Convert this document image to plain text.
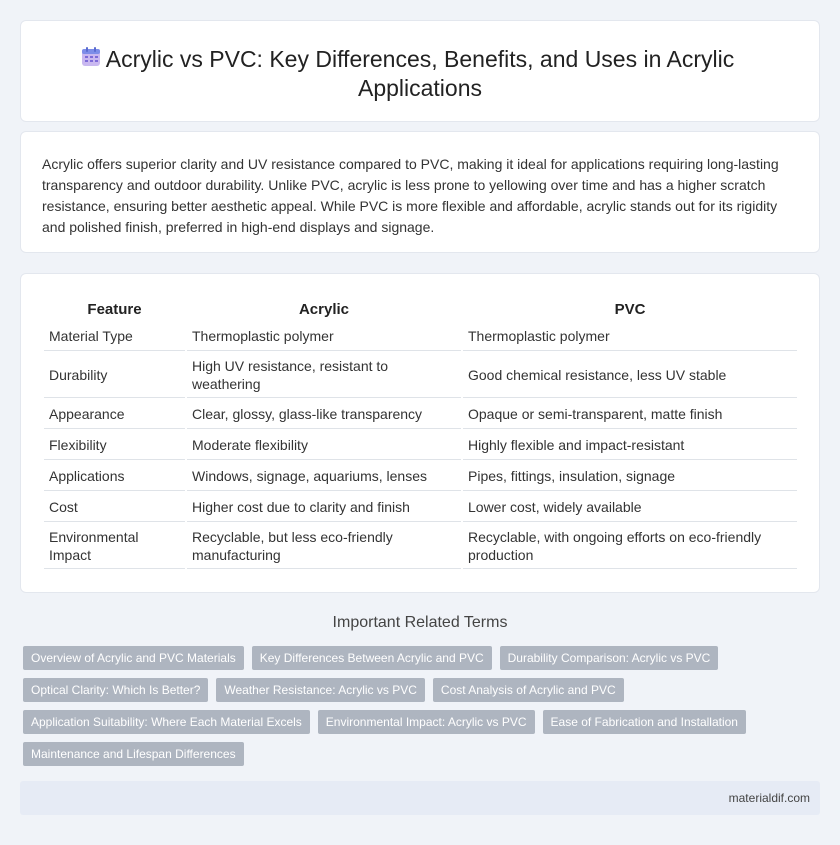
Acrylic vs PVC: Key Differences, Benefits, and Uses in Acrylic Applications

Acrylic offers superior clarity and UV resistance compared to PVC, making it ideal for applications requiring long-lasting transparency and outdoor durability. Unlike PVC, acrylic is less prone to yellowing over time and has a higher scratch resistance, ensuring better aesthetic appeal. While PVC is more flexible and affordable, acrylic stands out for its rigidity and polished finish, preferred in high-end displays and signage.

Feature	Acrylic	PVC
Material Type	Thermoplastic polymer	Thermoplastic polymer
Durability	High UV resistance, resistant to weathering	Good chemical resistance, less UV stable
Appearance	Clear, glossy, glass-like transparency	Opaque or semi-transparent, matte finish
Flexibility	Moderate flexibility	Highly flexible and impact-resistant
Applications	Windows, signage, aquariums, lenses	Pipes, fittings, insulation, signage
Cost	Higher cost due to clarity and finish	Lower cost, widely available
Environmental Impact	Recyclable, but less eco-friendly manufacturing	Recyclable, with ongoing efforts on eco-friendly production
Important Related Terms
Overview of Acrylic and PVC Materials	Key Differences Between Acrylic and PVC	Durability Comparison: Acrylic vs PVC
Optical Clarity: Which Is Better?	Weather Resistance: Acrylic vs PVC	Cost Analysis of Acrylic and PVC
Application Suitability: Where Each Material Excels	Environmental Impact: Acrylic vs PVC	Ease of Fabrication and Installation
Maintenance and Lifespan Differences
materialdif.com
